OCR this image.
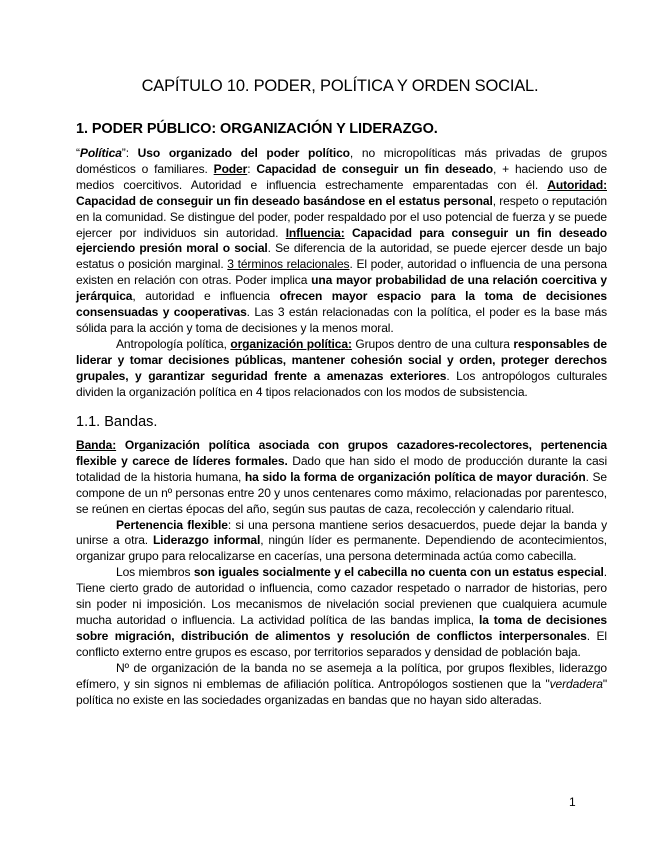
CAPÍTULO 10. PODER, POLÍTICA Y ORDEN SOCIAL.
1. PODER PÚBLICO: ORGANIZACIÓN Y LIDERAZGO.

“Política”: Uso organizado del poder político, no micropolíticas más privadas de grupos domésticos o familiares. Poder: Capacidad de conseguir un fin deseado, + haciendo uso de medios coercitivos. Autoridad e influencia estrechamente emparentadas con él. Autoridad: Capacidad de conseguir un fin deseado basándose en el estatus personal, respeto o reputación en la comunidad. Se distingue del poder, poder respaldado por el uso potencial de fuerza y se puede ejercer por individuos sin autoridad. Influencia: Capacidad para conseguir un fin deseado ejerciendo presión moral o social. Se diferencia de la autoridad, se puede ejercer desde un bajo estatus o posición marginal. 3 términos relacionales. El poder, autoridad o influencia de una persona existen en relación con otras. Poder implica una mayor probabilidad de una relación coercitiva y jerárquica, autoridad e influencia ofrecen mayor espacio para la toma de decisiones consensuadas y cooperativas. Las 3 están relacionadas con la política, el poder es la base más sólida para la acción y toma de decisiones y la menos moral.

Antropología política, organización política: Grupos dentro de una cultura responsables de liderar y tomar decisiones públicas, mantener cohesión social y orden, proteger derechos grupales, y garantizar seguridad frente a amenazas exteriores. Los antropólogos culturales dividen la organización política en 4 tipos relacionados con los modos de subsistencia.

1.1. Bandas.

Banda: Organización política asociada con grupos cazadores-recolectores, pertenencia flexible y carece de líderes formales. Dado que han sido el modo de producción durante la casi totalidad de la historia humana, ha sido la forma de organización política de mayor duración. Se compone de un nº personas entre 20 y unos centenares como máximo, relacionadas por parentesco, se reúnen en ciertas épocas del año, según sus pautas de caza, recolección y calendario ritual.

Pertenencia flexible: si una persona mantiene serios desacuerdos, puede dejar la banda y unirse a otra. Liderazgo informal, ningún líder es permanente. Dependiendo de acontecimientos, organizar grupo para relocalizarse en cacerías, una persona determinada actúa como cabecilla.

Los miembros son iguales socialmente y el cabecilla no cuenta con un estatus especial. Tiene cierto grado de autoridad o influencia, como cazador respetado o narrador de historias, pero sin poder ni imposición. Los mecanismos de nivelación social previenen que cualquiera acumule mucha autoridad o influencia. La actividad política de las bandas implica, la toma de decisiones sobre migración, distribución de alimentos y resolución de conflictos interpersonales. El conflicto externo entre grupos es escaso, por territorios separados y densidad de población baja.

Nº de organización de la banda no se asemeja a la política, por grupos flexibles, liderazgo efímero, y sin signos ni emblemas de afiliación política. Antropólogos sostienen que la "verdadera" política no existe en las sociedades organizadas en bandas que no hayan sido alteradas.

1
